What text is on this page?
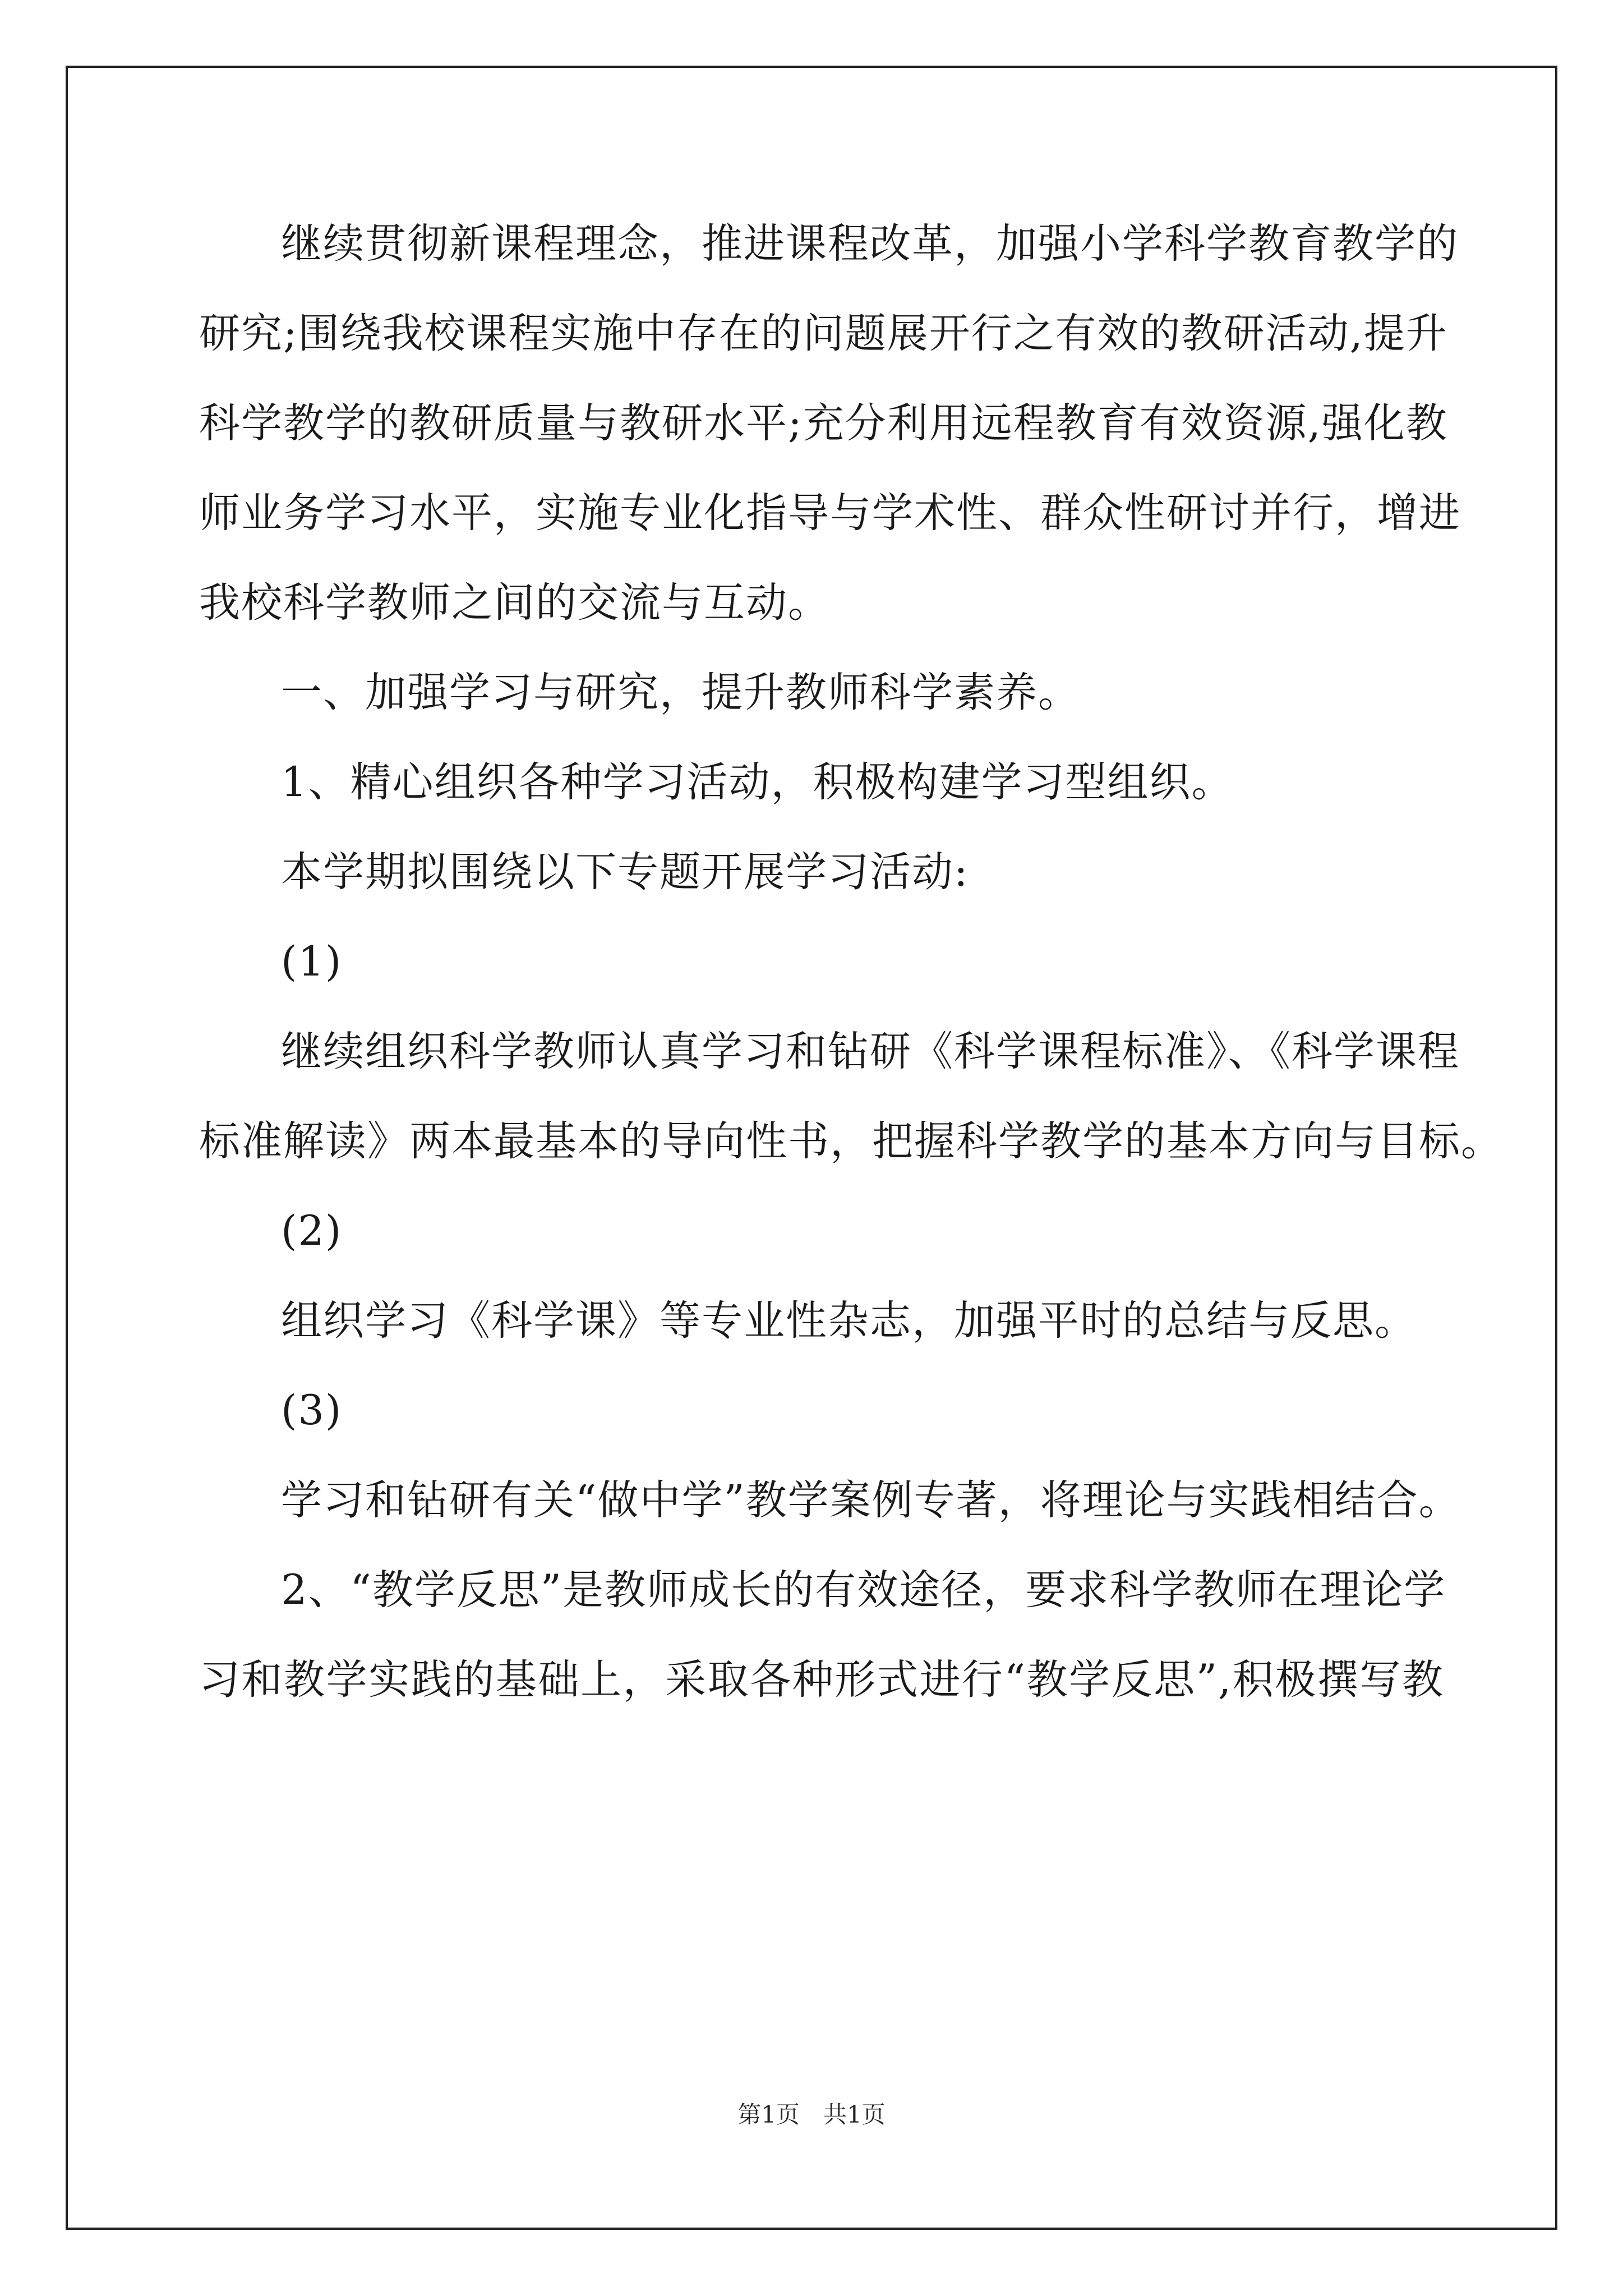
继续贯彻新课程理念，推进课程改革，加强小学科学教育教学的
研究;围绕我校课程实施中存在的问题展开行之有效的教研活动,提升
科学教学的教研质量与教研水平;充分利用远程教育有效资源,强化教
师业务学习水平，实施专业化指导与学术性、群众性研讨并行，增进
我校科学教师之间的交流与互动。

一、加强学习与研究，提升教师科学素养。

1、精心组织各种学习活动，积极构建学习型组织。

本学期拟围绕以下专题开展学习活动:

(1)

继续组织科学教师认真学习和钻研《科学课程标准》、《科学课程
标准解读》两本最基本的导向性书，把握科学教学的基本方向与目标。

(2)

组织学习《科学课》等专业性杂志，加强平时的总结与反思。

(3)

学习和钻研有关“做中学”教学案例专著，将理论与实践相结合。

2、“教学反思”是教师成长的有效途径，要求科学教师在理论学
习和教学实践的基础上，采取各种形式进行“教学反思”,积极撰写教

第1页　共1页
